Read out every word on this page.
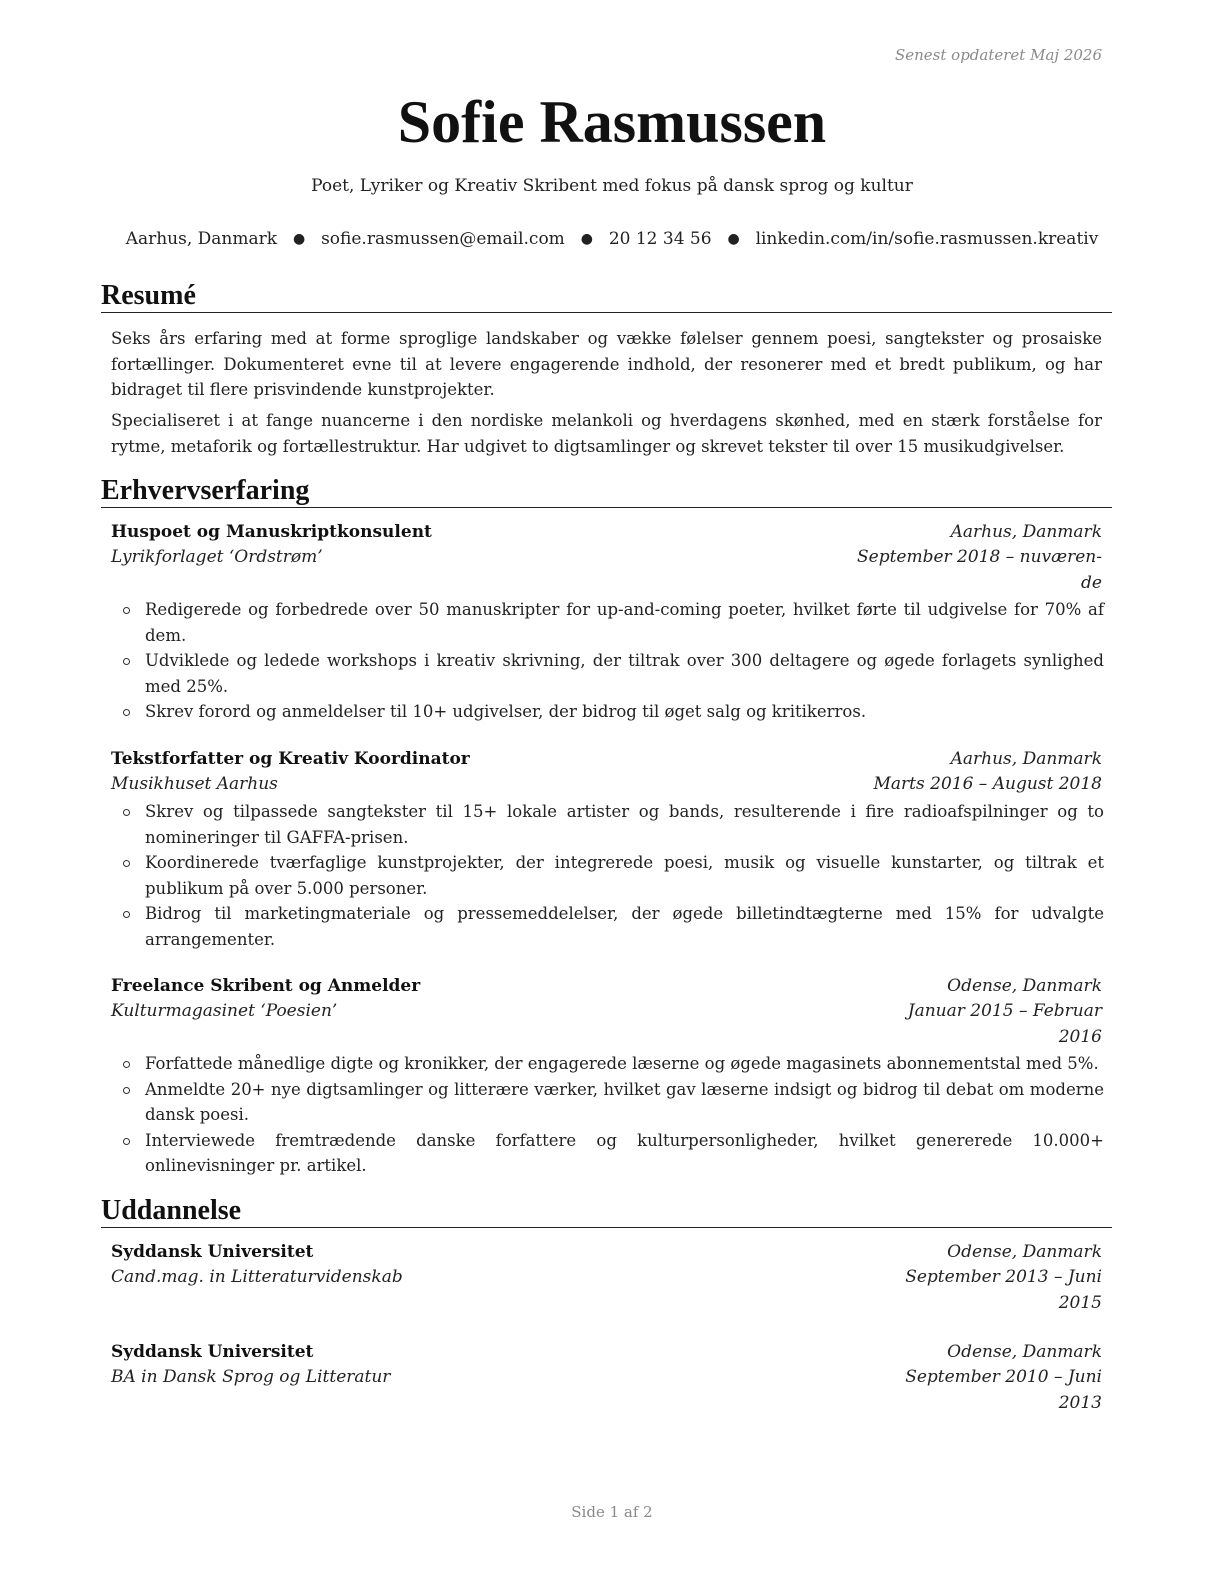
Senest opdateret Maj 2026
Sofie Rasmussen
Poet, Lyriker og Kreativ Skribent med fokus på dansk sprog og kultur
Aarhus, Danmark	● sofie.rasmussen@email.com	● 20 12 34 56	● linkedin.com/in/sofie.rasmussen.kreativ
Resumé

Seks års erfaring med at forme sproglige landskaber og vække følelser gennem poesi, sangtekster og prosaiske fortællinger. Dokumenteret evne til at levere engagerende indhold, der resonerer med et bredt publikum, og har bidraget til flere prisvindende kunstprojekter.

Specialiseret i at fange nuancerne i den nordiske melankoli og hverdagens skønhed, med en stærk forståelse for rytme, metaforik og fortællestruktur. Har udgivet to digtsamlinger og skrevet tekster til over 15 musikudgivelser.

Erhvervserfaring
Huspoet og Manuskriptkonsulent	Aarhus, Danmark
Lyrikforlaget ‘Ordstrøm’	September 2018 – nuværen-
de
Redigerede og forbedrede over 50 manuskripter for up-and-coming poeter, hvilket førte til udgivelse for 70% af dem.
Udviklede og ledede workshops i kreativ skrivning, der tiltrak over 300 deltagere og øgede forlagets synlighed med 25%.
Skrev forord og anmeldelser til 10+ udgivelser, der bidrog til øget salg og kritikerros.
Tekstforfatter og Kreativ Koordinator	Aarhus, Danmark
Musikhuset Aarhus	Marts 2016 – August 2018
Skrev og tilpassede sangtekster til 15+ lokale artister og bands, resulterende i fire radioafspilninger og to nomineringer til GAFFA-prisen.
Koordinerede tværfaglige kunstprojekter, der integrerede poesi, musik og visuelle kunstarter, og tiltrak et publikum på over 5.000 personer.
Bidrog til marketingmateriale og pressemeddelelser, der øgede billetindtægterne med 15% for udvalgte arrangementer.
Freelance Skribent og Anmelder	Odense, Danmark
Kulturmagasinet ‘Poesien’	Januar 2015 – Februar
2016
Forfattede månedlige digte og kronikker, der engagerede læserne og øgede magasinets abonnementstal med 5%.
Anmeldte 20+ nye digtsamlinger og litterære værker, hvilket gav læserne indsigt og bidrog til debat om moderne dansk poesi.
Interviewede fremtrædende danske forfattere og kulturpersonligheder, hvilket genererede 10.000+ onlinevisninger pr. artikel.
Uddannelse
Syddansk Universitet	Odense, Danmark
Cand.mag. in Litteraturvidenskab	September 2013 – Juni
2015
Syddansk Universitet	Odense, Danmark
BA in Dansk Sprog og Litteratur	September 2010 – Juni
2013
Side 1 af 2
